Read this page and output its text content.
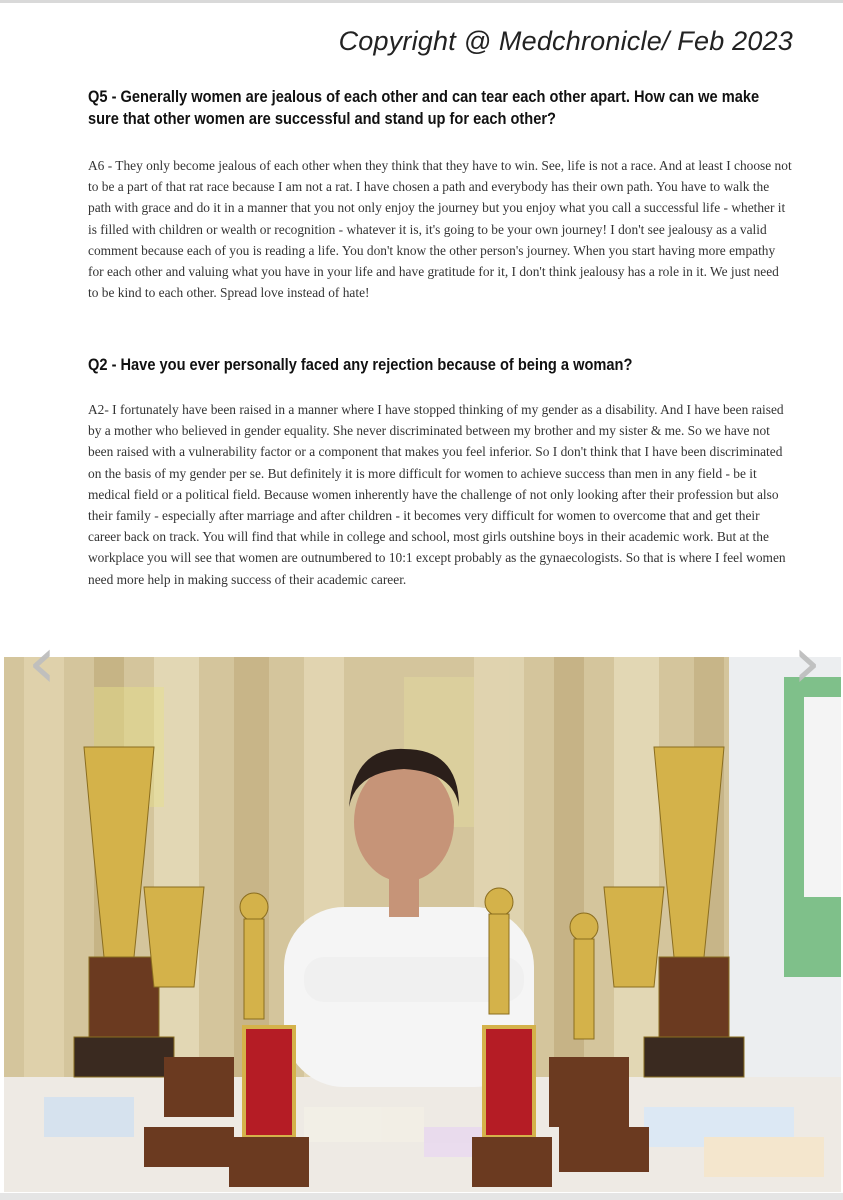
Copyright @ Medchronicle/ Feb 2023
Q5 - Generally women are jealous of each other and can tear each other apart. How can we make sure that other women are successful and stand up for each other?

A6 - They only become jealous of each other when they think that they have to win. See, life is not a race. And at least I choose not to be a part of that rat race because I am not a rat. I have chosen a path and everybody has their own path. You have to walk the path with grace and do it in a manner that you not only enjoy the journey but you enjoy what you call a successful life - whether it is filled with children or wealth or recognition - whatever it is, it's going to be your own journey! I don't see jealousy as a valid comment because each of you is reading a life. You don't know the other person's journey. When you start having more empathy for each other and valuing what you have in your life and have gratitude for it, I don't think jealousy has a role in it. We just need to be kind to each other. Spread love instead of hate!

Q2 - Have you ever personally faced any rejection because of being a woman?

A2- I fortunately have been raised in a manner where I have stopped thinking of my gender as a disability. And I have been raised by a mother who believed in gender equality. She never discriminated between my brother and my sister & me. So we have not been raised with a vulnerability factor or a component that makes you feel inferior. So I don't think that I have been discriminated on the basis of my gender per se. But definitely it is more difficult for women to achieve success than men in any field - be it medical field or a political field. Because women inherently have the challenge of not only looking after their profession but also their family - especially after marriage and after children - it becomes very difficult for women to overcome that and get their career back on track. You will find that while in college and school, most girls outshine boys in their academic work. But at the workplace you will see that women are outnumbered to 10:1 except probably as the gynaecologists. So that is where I feel women need more help in making success of their academic career.

‹	›
